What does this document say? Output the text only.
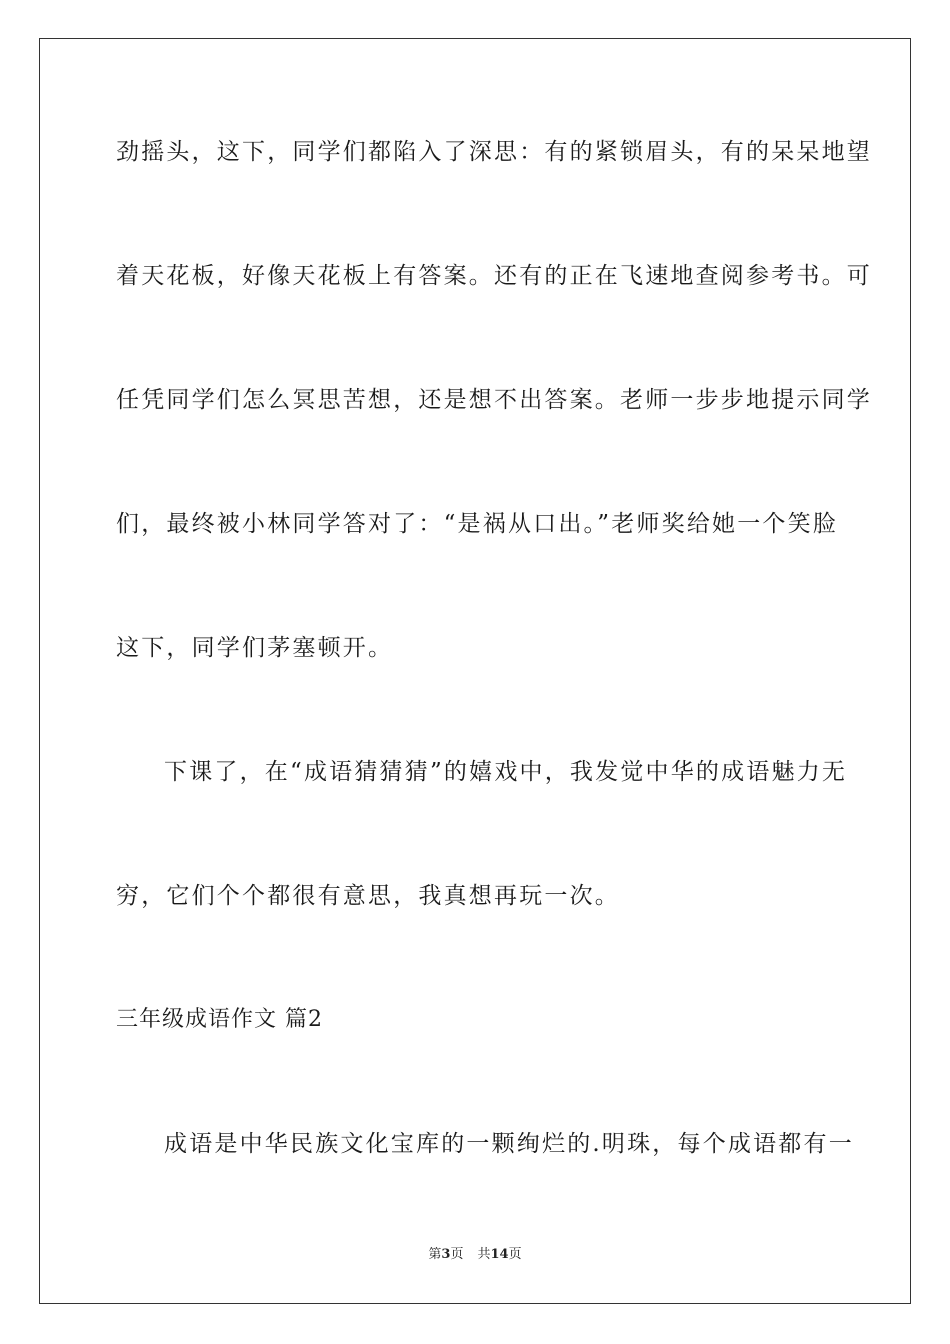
劲摇头，这下，同学们都陷入了深思：有的紧锁眉头，有的呆呆地望
着天花板，好像天花板上有答案。还有的正在飞速地查阅参考书。可
任凭同学们怎么冥思苦想，还是想不出答案。老师一步步地提示同学
们，最终被小林同学答对了：“是祸从口出。”老师奖给她一个笑脸
这下，同学们茅塞顿开。
下课了，在“成语猜猜猜”的嬉戏中，我发觉中华的成语魅力无
穷，它们个个都很有意思，我真想再玩一次。
三年级成语作文 篇2
成语是中华民族文化宝库的一颗绚烂的.明珠，每个成语都有一
第3页 共14页
